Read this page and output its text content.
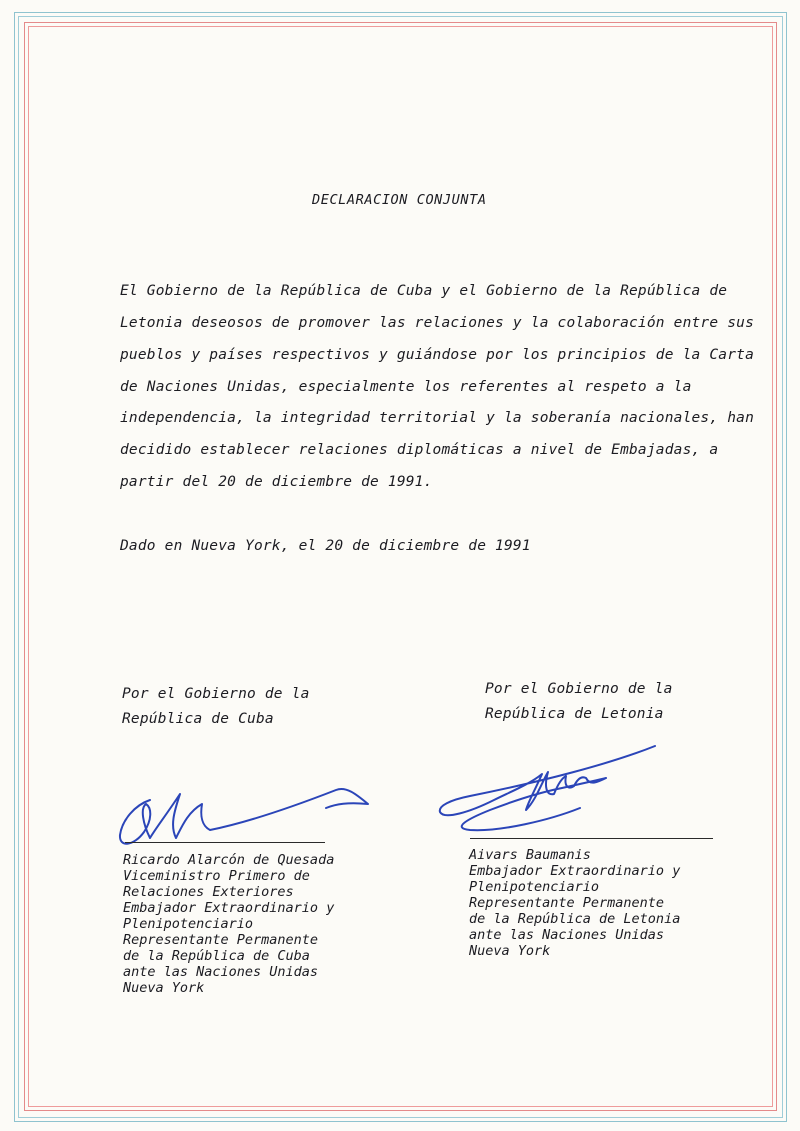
DECLARACION CONJUNTA
El Gobierno de la República de Cuba y el Gobierno de la República de
Letonia deseosos de promover las relaciones y la colaboración entre sus
pueblos y países respectivos y guiándose por los principios de la Carta
de Naciones Unidas, especialmente los referentes al respeto a la
independencia, la integridad territorial y la soberanía nacionales, han
decidido establecer relaciones diplomáticas a nivel de Embajadas, a
partir del 20 de diciembre de 1991.
Dado en Nueva York, el 20 de diciembre de 1991
Por el Gobierno de la
República de Cuba
Por el Gobierno de la
República de Letonia
Ricardo Alarcón de Quesada
Viceministro Primero de
Relaciones Exteriores
Embajador Extraordinario y
Plenipotenciario
Representante Permanente
de la República de Cuba
ante las Naciones Unidas
Nueva York
Aivars Baumanis
Embajador Extraordinario y
Plenipotenciario
Representante Permanente
de la República de Letonia
ante las Naciones Unidas
Nueva York
